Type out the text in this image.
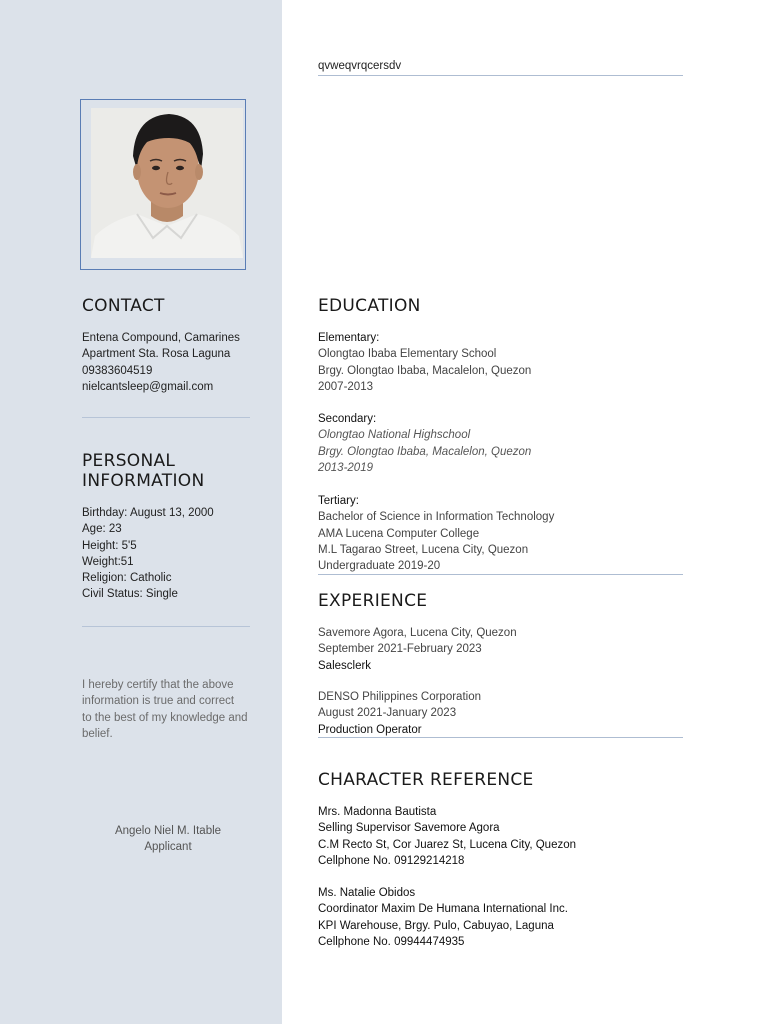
qvweqvrqcersdv
CONTACT
Entena Compound, Camarines
Apartment Sta. Rosa Laguna
09383604519
nielcantsleep@gmail.com
PERSONAL
INFORMATION
Birthday: August 13, 2000
Age: 23
Height: 5'5
Weight:51
Religion: Catholic
Civil Status: Single
I hereby certify that the above
information is true and correct
to the best of my knowledge and
belief.
Angelo Niel M. Itable
Applicant
EDUCATION
Elementary:
Olongtao Ibaba Elementary School
Brgy. Olongtao Ibaba, Macalelon, Quezon
2007-2013
Secondary:
Olongtao National Highschool
Brgy. Olongtao Ibaba, Macalelon, Quezon
2013-2019
Tertiary:
Bachelor of Science in Information Technology
AMA Lucena Computer College
M.L Tagarao Street, Lucena City, Quezon
Undergraduate 2019-20
EXPERIENCE
Savemore Agora, Lucena City, Quezon
September 2021-February 2023
Salesclerk
DENSO Philippines Corporation
August 2021-January 2023
Production Operator
CHARACTER REFERENCE
Mrs. Madonna Bautista
Selling Supervisor Savemore Agora
C.M Recto St, Cor Juarez St, Lucena City, Quezon
Cellphone No. 09129214218
Ms. Natalie Obidos
Coordinator Maxim De Humana International Inc.
KPI Warehouse, Brgy. Pulo, Cabuyao, Laguna
Cellphone No. 09944474935
